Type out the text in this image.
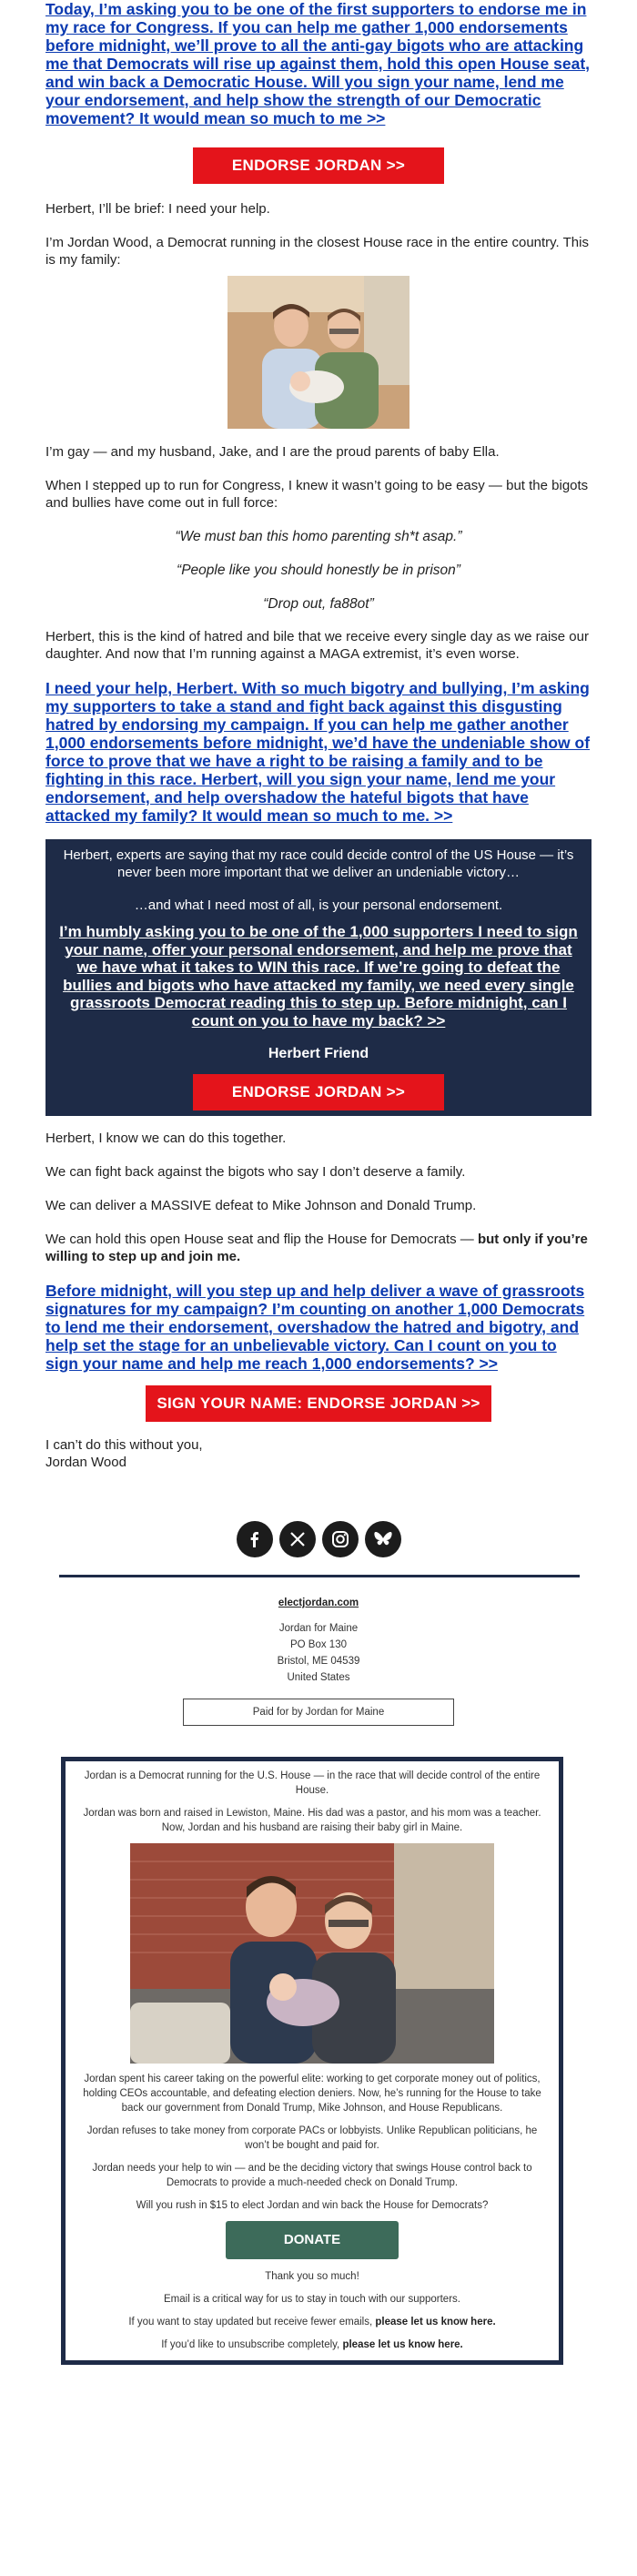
Today, I’m asking you to be one of the first supporters to endorse me in my race for Congress. If you can help me gather 1,000 endorsements before midnight, we’ll prove to all the anti-gay bigots who are attacking me that Democrats will rise up against them, hold this open House seat, and win back a Democratic House. Will you sign your name, lend me your endorsement, and help show the strength of our Democratic movement? It would mean so much to me >>
ENDORSE JORDAN >>

Herbert, I’ll be brief: I need your help.

I’m Jordan Wood, a Democrat running in the closest House race in the entire country. This is my family:

I’m gay — and my husband, Jake, and I are the proud parents of baby Ella.

When I stepped up to run for Congress, I knew it wasn’t going to be easy — but the bigots and bullies have come out in full force:

“We must ban this homo parenting sh*t asap.”

“People like you should honestly be in prison”

“Drop out, fa88ot”

Herbert, this is the kind of hatred and bile that we receive every single day as we raise our daughter. And now that I’m running against a MAGA extremist, it’s even worse.

I need your help, Herbert. With so much bigotry and bullying, I’m asking my supporters to take a stand and fight back against this disgusting hatred by endorsing my campaign. If you can help me gather another 1,000 endorsements before midnight, we’d have the undeniable show of force to prove that we have a right to be raising a family and to be fighting in this race. Herbert, will you sign your name, lend me your endorsement, and help overshadow the hateful bigots that have attacked my family? It would mean so much to me. >>

Herbert, experts are saying that my race could decide control of the US House — it’s never been more important that we deliver an undeniable victory…

…and what I need most of all, is your personal endorsement.

I’m humbly asking you to be one of the 1,000 supporters I need to sign your name, offer your personal endorsement, and help me prove that we have what it takes to WIN this race. If we’re going to defeat the bullies and bigots who have attacked my family, we need every single grassroots Democrat reading this to step up. Before midnight, can I count on you to have my back? >>

Herbert Friend

ENDORSE JORDAN >>

Herbert, I know we can do this together.

We can fight back against the bigots who say I don’t deserve a family.

We can deliver a MASSIVE defeat to Mike Johnson and Donald Trump.

We can hold this open House seat and flip the House for Democrats — but only if you’re willing to step up and join me.

Before midnight, will you step up and help deliver a wave of grassroots signatures for my campaign? I’m counting on another 1,000 Democrats to lend me their endorsement, overshadow the hatred and bigotry, and help set the stage for an unbelievable victory. Can I count on you to sign your name and help me reach 1,000 endorsements? >>
SIGN YOUR NAME: ENDORSE JORDAN >>

I can’t do this without you,

Jordan Wood

electjordan.com
Jordan for Maine
PO Box 130
Bristol, ME 04539
United States
Paid for by Jordan for Maine

Jordan is a Democrat running for the U.S. House — in the race that will decide control of the entire House.

Jordan was born and raised in Lewiston, Maine. His dad was a pastor, and his mom was a teacher. Now, Jordan and his husband are raising their baby girl in Maine.

Jordan spent his career taking on the powerful elite: working to get corporate money out of politics, holding CEOs accountable, and defeating election deniers. Now, he’s running for the House to take back our government from Donald Trump, Mike Johnson, and House Republicans.

Jordan refuses to take money from corporate PACs or lobbyists. Unlike Republican politicians, he won’t be bought and paid for.

Jordan needs your help to win — and be the deciding victory that swings House control back to Democrats to provide a much-needed check on Donald Trump.

Will you rush in $15 to elect Jordan and win back the House for Democrats?

DONATE

Thank you so much!

Email is a critical way for us to stay in touch with our supporters.

If you want to stay updated but receive fewer emails, please let us know here.

If you’d like to unsubscribe completely, please let us know here.
